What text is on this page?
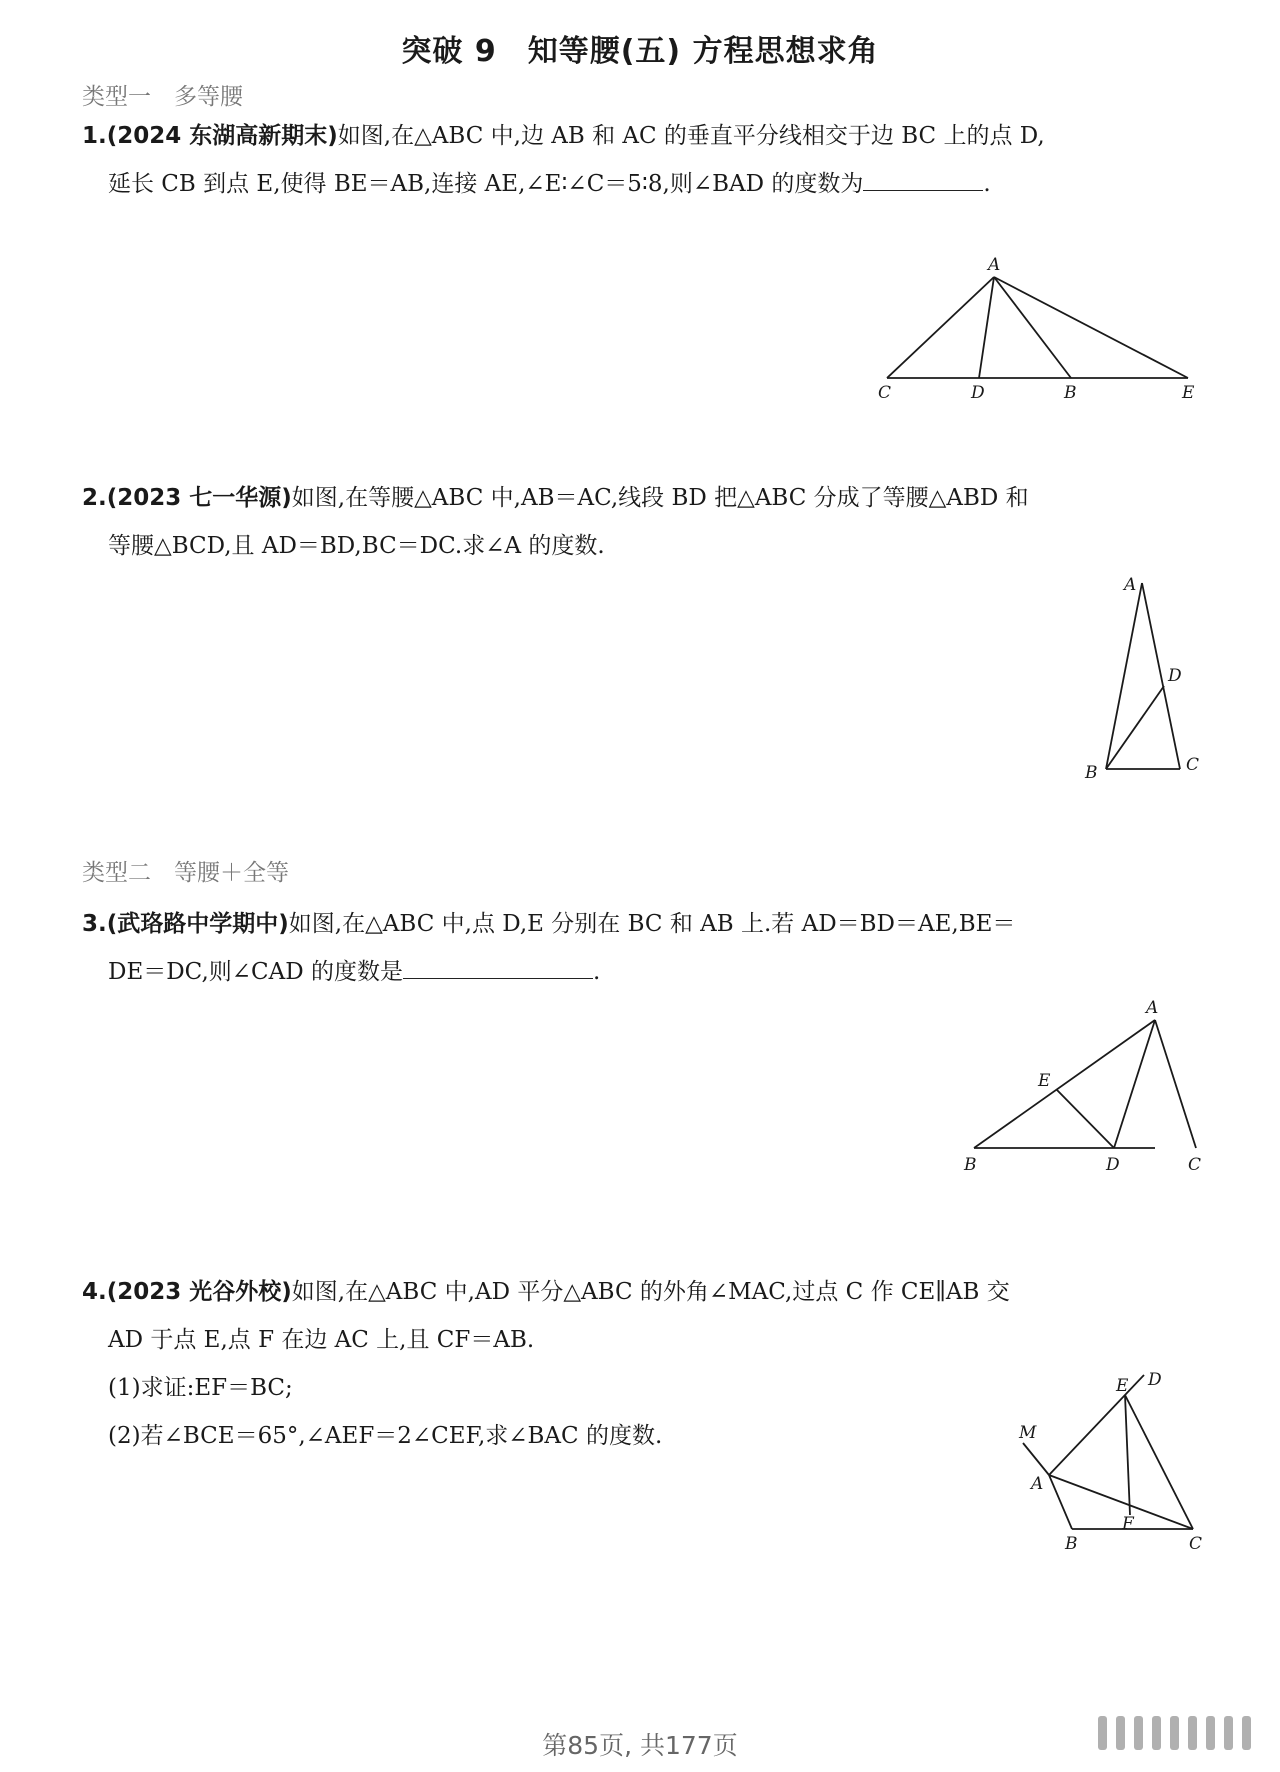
突破 9　知等腰(五) 方程思想求角
类型一　多等腰

1.(2024 东湖高新期末)如图,在△ABC 中,边 AB 和 AC 的垂直平分线相交于边 BC 上的点 D,

延长 CB 到点 E,使得 BE＝AB,连接 AE,∠E∶∠C＝5∶8,则∠BAD 的度数为	.

A
C	D	B	E

2.(2023 七一华源)如图,在等腰△ABC 中,AB＝AC,线段 BD 把△ABC 分成了等腰△ABD 和

等腰△BCD,且 AD＝BD,BC＝DC.求∠A 的度数.

A
D
B	C
类型二　等腰＋全等

3.(武珞路中学期中)如图,在△ABC 中,点 D,E 分别在 BC 和 AB 上.若 AD＝BD＝AE,BE＝

DE＝DC,则∠CAD 的度数是	.

A
E
B	D	C

4.(2023 光谷外校)如图,在△ABC 中,AD 平分△ABC 的外角∠MAC,过点 C 作 CE∥AB 交

AD 于点 E,点 F 在边 AC 上,且 CF＝AB.

(1)求证:EF＝BC;

(2)若∠BCE＝65°,∠AEF＝2∠CEF,求∠BAC 的度数.

E D
M
A
F
B	C
第85页, 共177页
